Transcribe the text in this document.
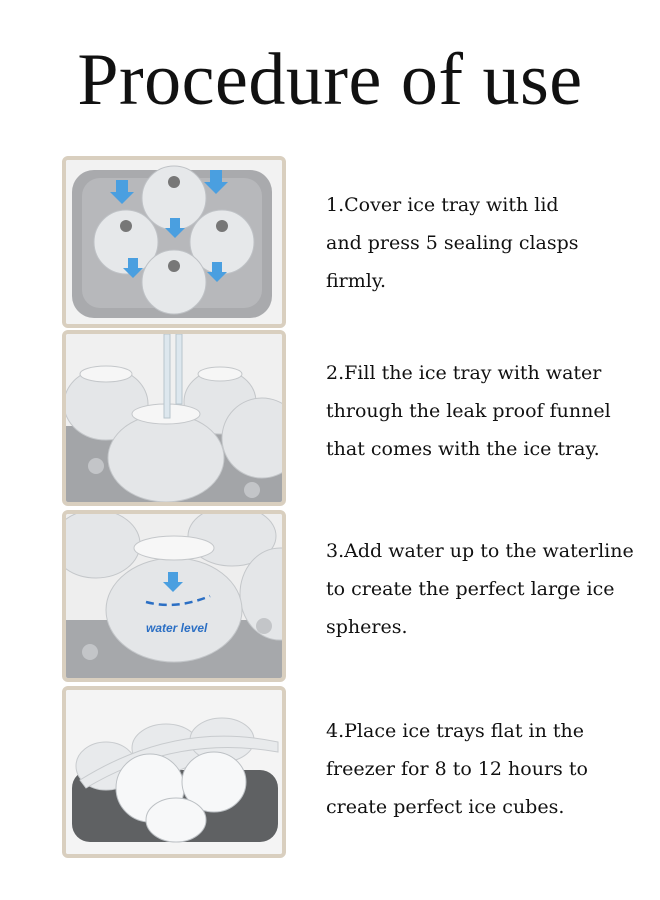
Procedure of use
1.Cover ice tray with lid
and press 5 sealing clasps
firmly.
2.Fill the ice tray with water
through the leak proof funnel
that comes with the ice tray.
water level
3.Add water up to the waterline
to create the perfect large ice
spheres.
4.Place ice trays flat in the
freezer for 8 to 12 hours to
create perfect ice cubes.
